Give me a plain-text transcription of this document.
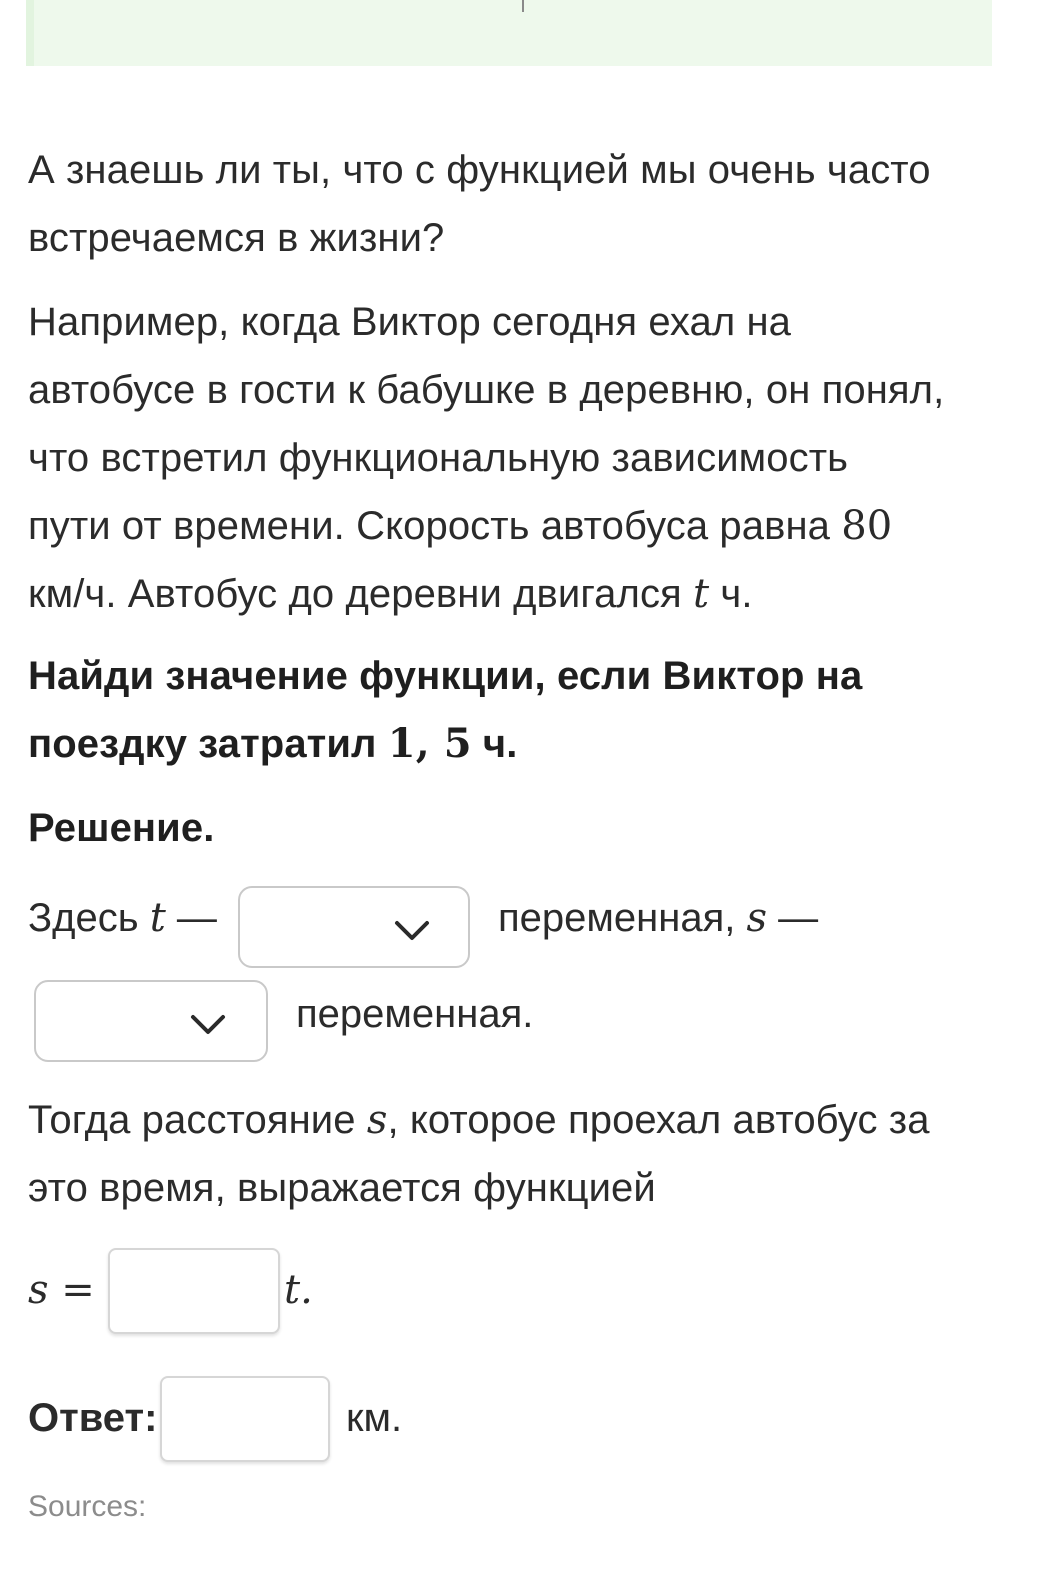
А знаешь ли ты, что с функцией мы очень часто
встречаемся в жизни?
Например, когда Виктор сегодня ехал на
автобусе в гости к бабушке в деревню, он понял,
что встретил функциональную зависимость
пути от времени. Скорость автобуса равна 80
км/ч. Автобус до деревни двигался t ч.
Найди значение функции, если Виктор на
поездку затратил 1, 5 ч.
Решение.
Здесь t —	переменная, s —
переменная.
Тогда расстояние s, которое проехал автобус за
это время, выражается функцией
s =	t.
Ответ:	км.
Sources:
